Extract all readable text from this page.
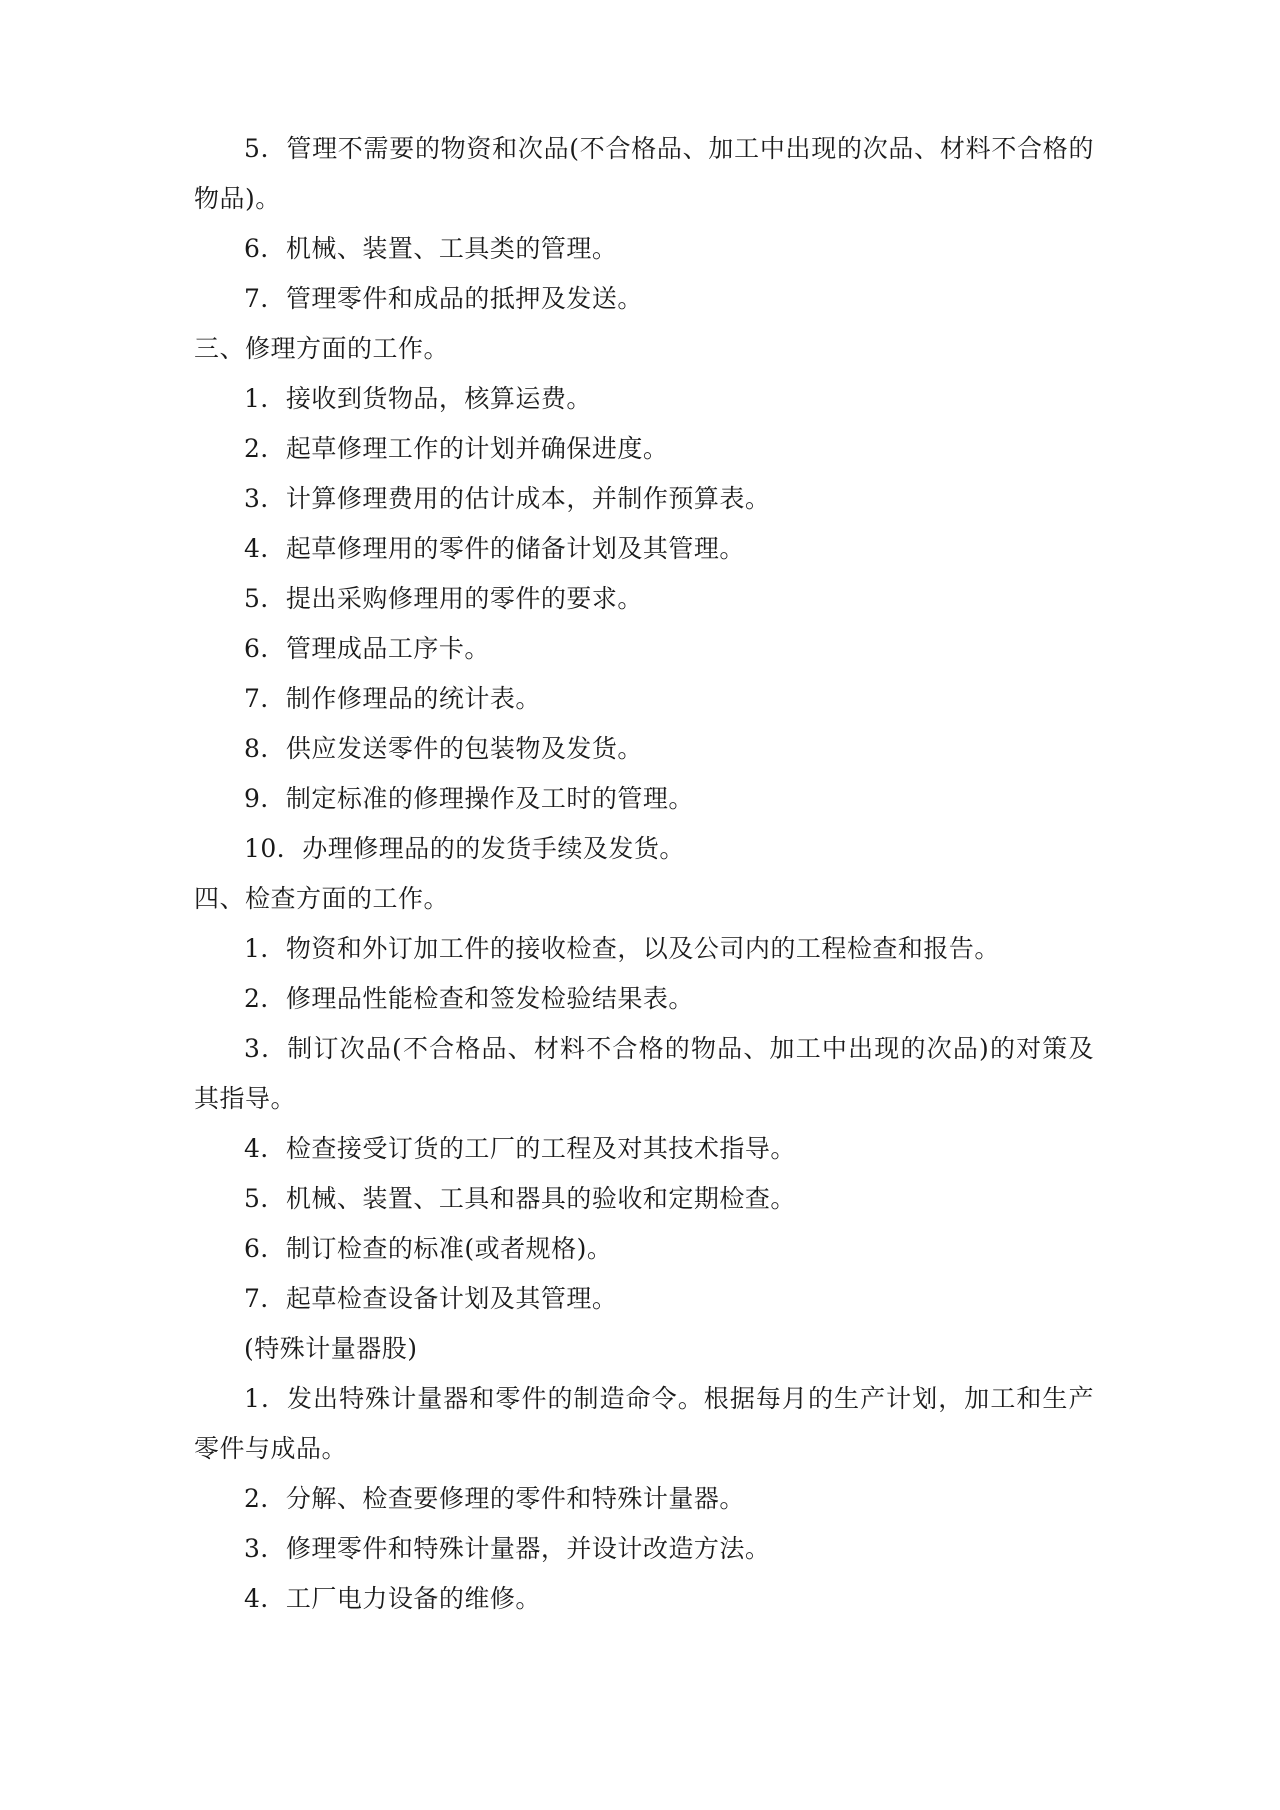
5．管理不需要的物资和次品(不合格品、加工中出现的次品、材料不合格的物品)。
6．机械、装置、工具类的管理。
7．管理零件和成品的抵押及发送。
三、修理方面的工作。
1．接收到货物品，核算运费。
2．起草修理工作的计划并确保进度。
3．计算修理费用的估计成本，并制作预算表。
4．起草修理用的零件的储备计划及其管理。
5．提出采购修理用的零件的要求。
6．管理成品工序卡。
7．制作修理品的统计表。
8．供应发送零件的包装物及发货。
9．制定标准的修理操作及工时的管理。
10．办理修理品的的发货手续及发货。
四、检查方面的工作。
1．物资和外订加工件的接收检查，以及公司内的工程检查和报告。
2．修理品性能检查和签发检验结果表。
3．制订次品(不合格品、材料不合格的物品、加工中出现的次品)的对策及其指导。
4．检查接受订货的工厂的工程及对其技术指导。
5．机械、装置、工具和器具的验收和定期检查。
6．制订检查的标准(或者规格)。
7．起草检查设备计划及其管理。
(特殊计量器股)
1．发出特殊计量器和零件的制造命令。根据每月的生产计划，加工和生产零件与成品。
2．分解、检查要修理的零件和特殊计量器。
3．修理零件和特殊计量器，并设计改造方法。
4．工厂电力设备的维修。
